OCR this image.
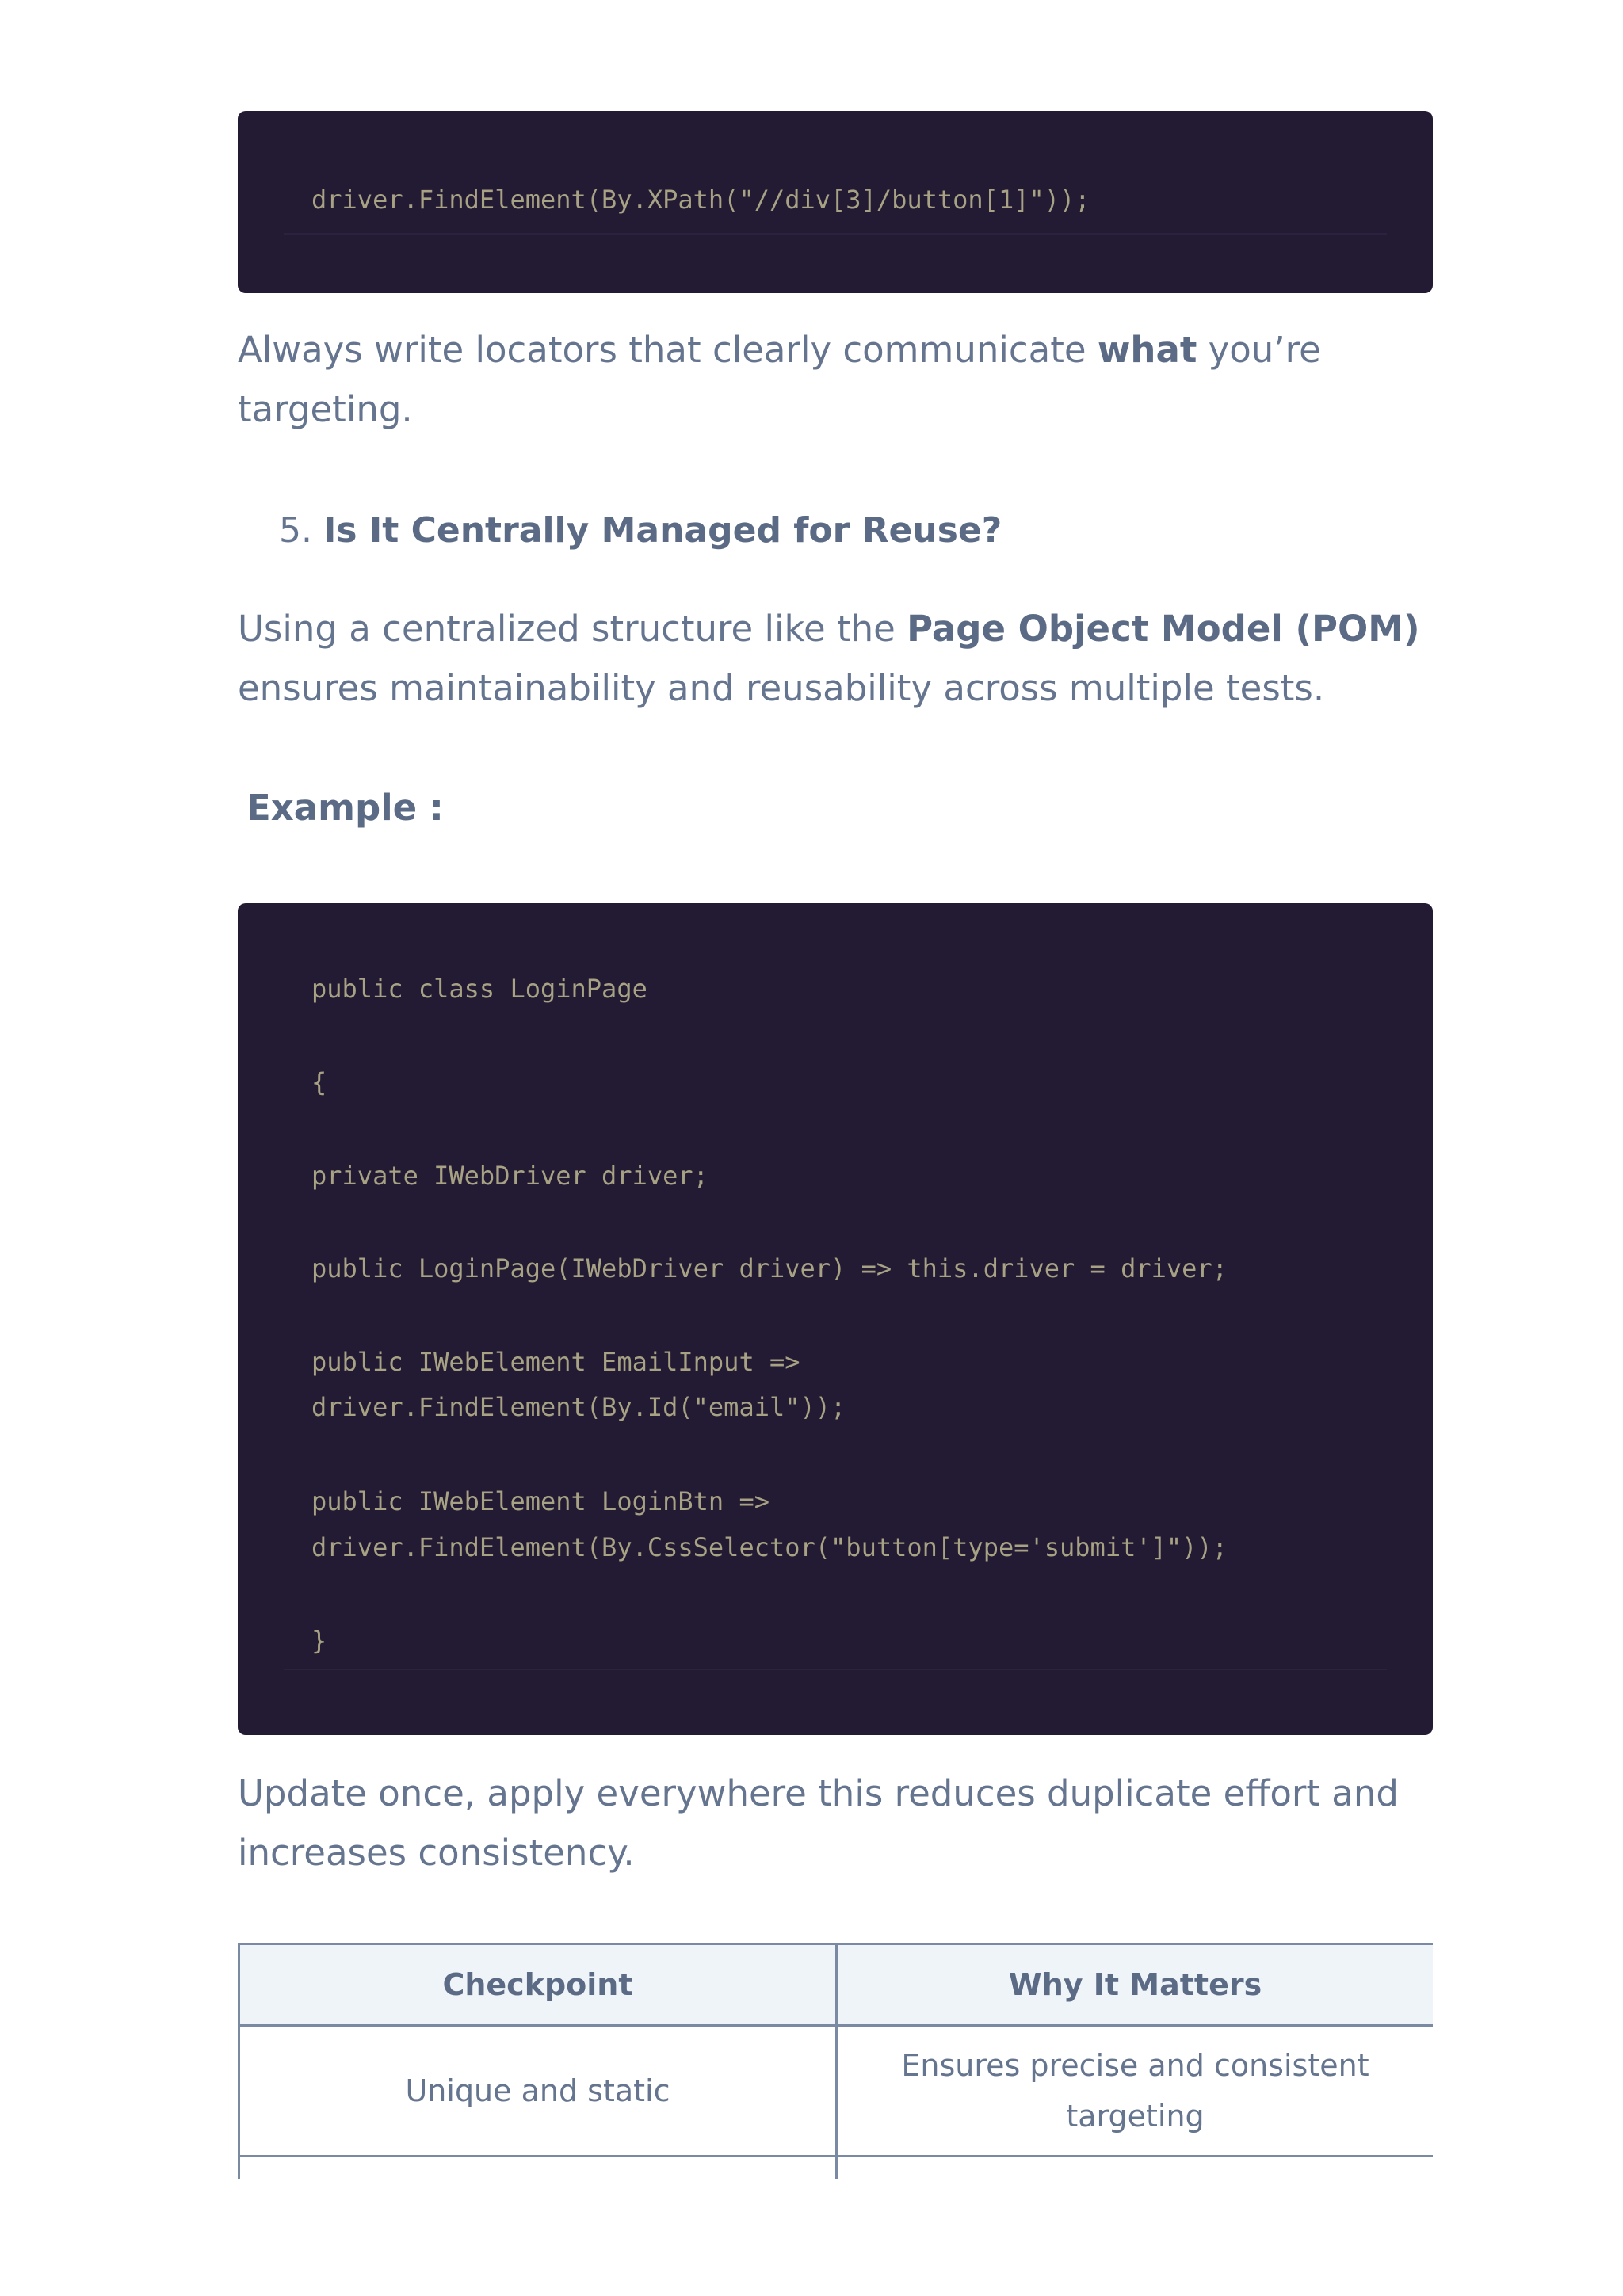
driver.FindElement(By.XPath("//div[3]/button[1]"));

Always write locators that clearly communicate what you’re targeting.

5. Is It Centrally Managed for Reuse?

Using a centralized structure like the Page Object Model (POM) ensures maintainability and reusability across multiple tests.

Example :
public class LoginPage
{
private IWebDriver driver;
public LoginPage(IWebDriver driver) => this.driver = driver;
public IWebElement EmailInput =>
driver.FindElement(By.Id("email"));
public IWebElement LoginBtn =>
driver.FindElement(By.CssSelector("button[type='submit']"));
}

Update once, apply everywhere this reduces duplicate effort and increases consistency.

Checkpoint	Why It Matters
Unique and static	Ensures precise and consistent targeting
